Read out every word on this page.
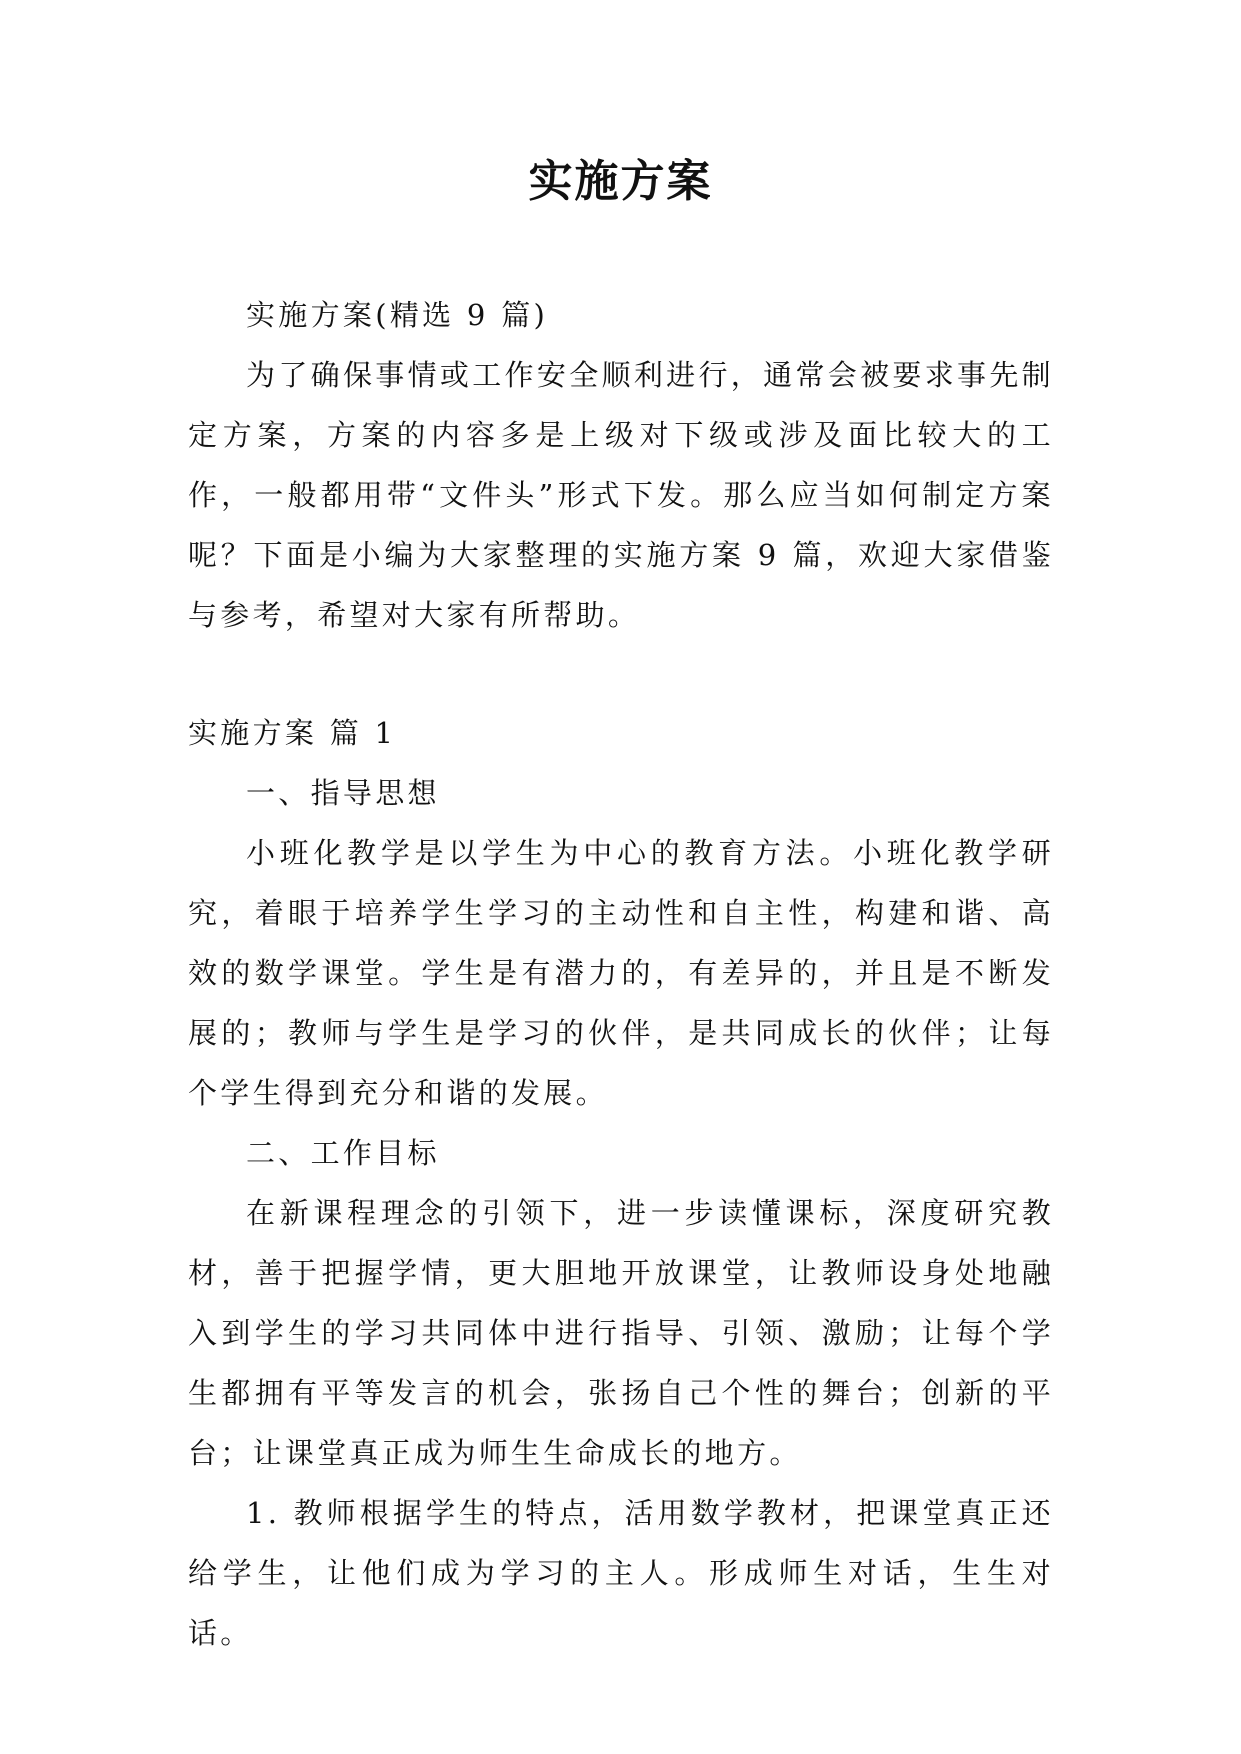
实施方案

实施方案(精选 9 篇)

为了确保事情或工作安全顺利进行，通常会被要求事先制定方案，方案的内容多是上级对下级或涉及面比较大的工作，一般都用带“文件头”形式下发。那么应当如何制定方案呢？下面是小编为大家整理的实施方案 9 篇，欢迎大家借鉴与参考，希望对大家有所帮助。

实施方案 篇 1

一、指导思想

小班化教学是以学生为中心的教育方法。小班化教学研究，着眼于培养学生学习的主动性和自主性，构建和谐、高效的数学课堂。学生是有潜力的，有差异的，并且是不断发展的；教师与学生是学习的伙伴，是共同成长的伙伴；让每个学生得到充分和谐的发展。

二、工作目标

在新课程理念的引领下，进一步读懂课标，深度研究教材，善于把握学情，更大胆地开放课堂，让教师设身处地融入到学生的学习共同体中进行指导、引领、激励；让每个学生都拥有平等发言的机会，张扬自己个性的舞台；创新的平台；让课堂真正成为师生生命成长的地方。

1. 教师根据学生的特点，活用数学教材，把课堂真正还给学生，让他们成为学习的主人。形成师生对话，生生对话。
